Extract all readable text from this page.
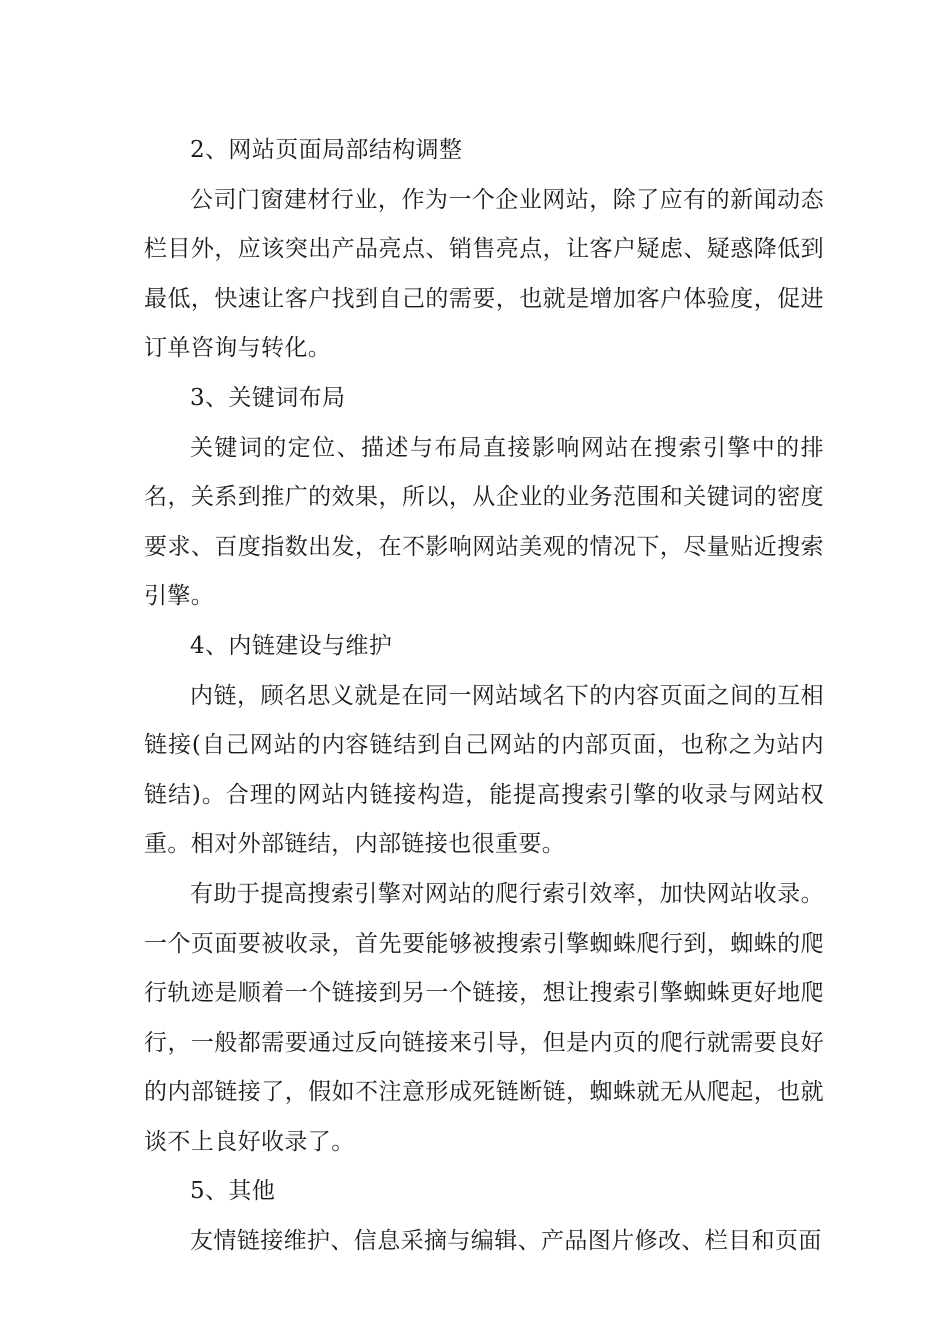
2、网站页面局部结构调整

公司门窗建材行业，作为一个企业网站，除了应有的新闻动态栏目外，应该突出产品亮点、销售亮点，让客户疑虑、疑惑降低到最低，快速让客户找到自己的需要，也就是增加客户体验度，促进订单咨询与转化。

3、关键词布局

关键词的定位、描述与布局直接影响网站在搜索引擎中的排名，关系到推广的效果，所以，从企业的业务范围和关键词的密度要求、百度指数出发，在不影响网站美观的情况下，尽量贴近搜索引擎。

4、内链建设与维护

内链，顾名思义就是在同一网站域名下的内容页面之间的互相链接(自己网站的内容链结到自己网站的内部页面，也称之为站内链结)。合理的网站内链接构造，能提高搜索引擎的收录与网站权重。相对外部链结，内部链接也很重要。

有助于提高搜索引擎对网站的爬行索引效率，加快网站收录。一个页面要被收录，首先要能够被搜索引擎蜘蛛爬行到，蜘蛛的爬行轨迹是顺着一个链接到另一个链接，想让搜索引擎蜘蛛更好地爬行，一般都需要通过反向链接来引导，但是内页的爬行就需要良好的内部链接了，假如不注意形成死链断链，蜘蛛就无从爬起，也就谈不上良好收录了。

5、其他

友情链接维护、信息采摘与编辑、产品图片修改、栏目和页面
